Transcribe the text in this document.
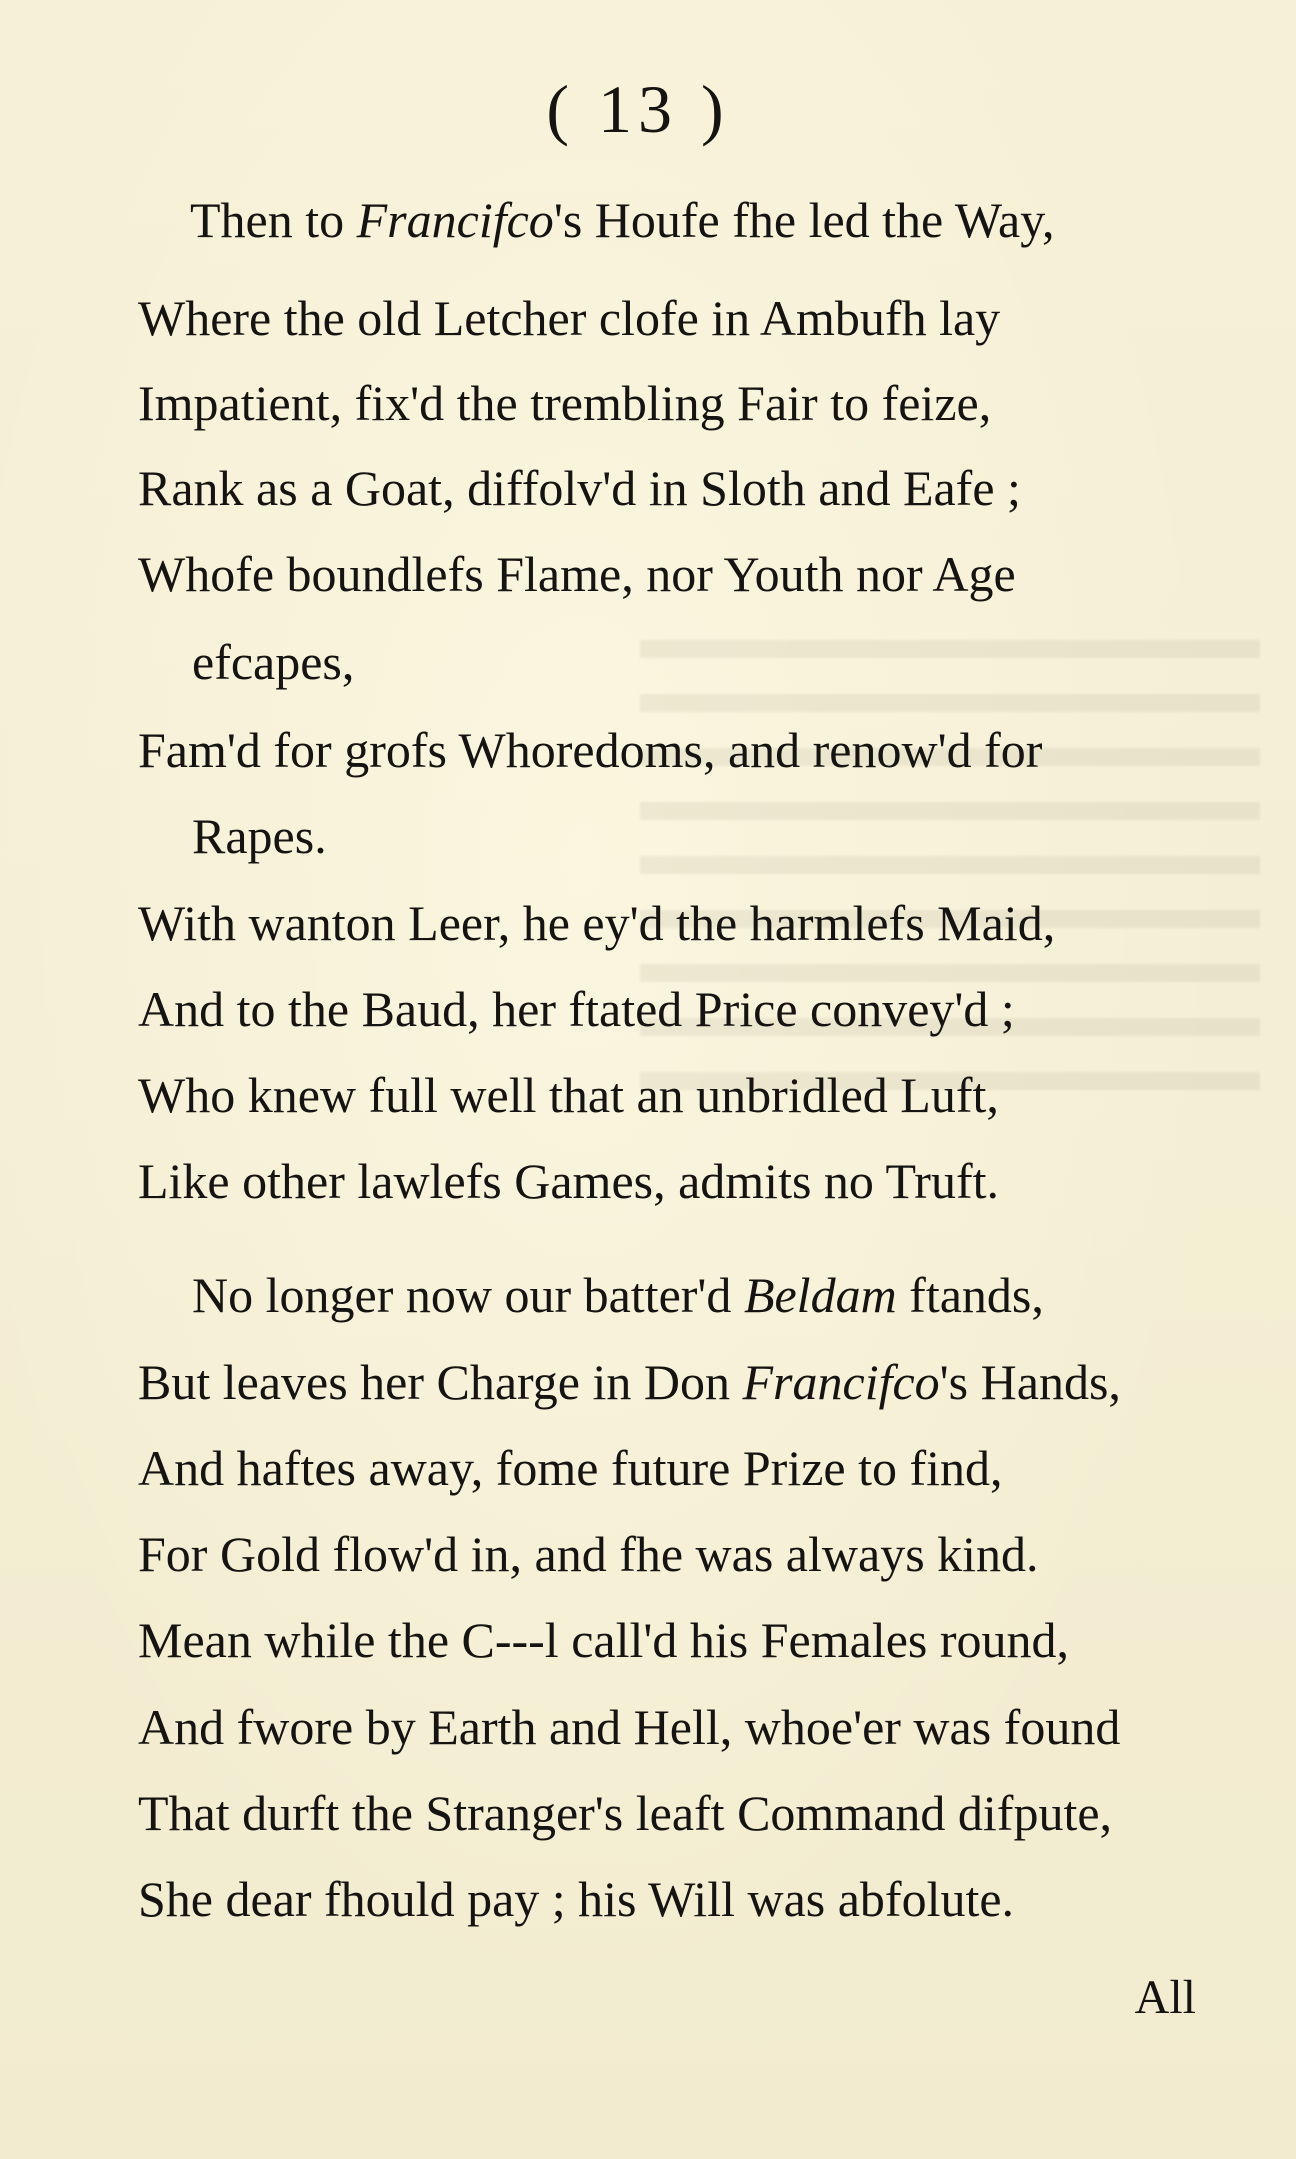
( 13 )
Then to Francifco's Houfe fhe led the Way,
Where the old Letcher clofe in Ambufh lay
Impatient, fix'd the trembling Fair to feize,
Rank as a Goat, diffolv'd in Sloth and Eafe ;
Whofe boundlefs Flame, nor Youth nor Age
efcapes,
Fam'd for grofs Whoredoms, and renow'd for
Rapes.
With wanton Leer, he ey'd the harmlefs Maid,
And to the Baud, her ftated Price convey'd ;
Who knew full well that an unbridled Luft,
Like other lawlefs Games, admits no Truft.
No longer now our batter'd Beldam ftands,
But leaves her Charge in Don Francifco's Hands,
And haftes away, fome future Prize to find,
For Gold flow'd in, and fhe was always kind.
Mean while the C---l call'd his Females round,
And fwore by Earth and Hell, whoe'er was found
That durft the Stranger's leaft Command difpute,
She dear fhould pay ; his Will was abfolute.
All
